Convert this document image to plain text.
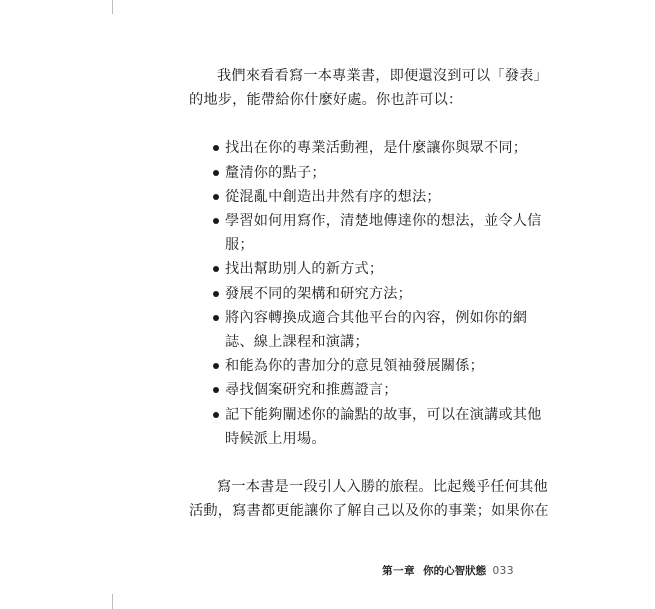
我們來看看寫一本專業書，即便還沒到可以「發表」
的地步，能帶給你什麼好處。你也許可以：

找出在你的專業活動裡，是什麼讓你與眾不同；
釐清你的點子；
從混亂中創造出井然有序的想法；
學習如何用寫作，清楚地傳達你的想法，並令人信
服；
找出幫助別人的新方式；
發展不同的架構和研究方法；
將內容轉換成適合其他平台的內容，例如你的網
誌、線上課程和演講；
和能為你的書加分的意見領袖發展關係；
尋找個案研究和推薦證言；
記下能夠闡述你的論點的故事，可以在演講或其他
時候派上用場。

寫一本書是一段引人入勝的旅程。比起幾乎任何其他
活動，寫書都更能讓你了解自己以及你的事業；如果你在

第一章 你的心智狀態 033
